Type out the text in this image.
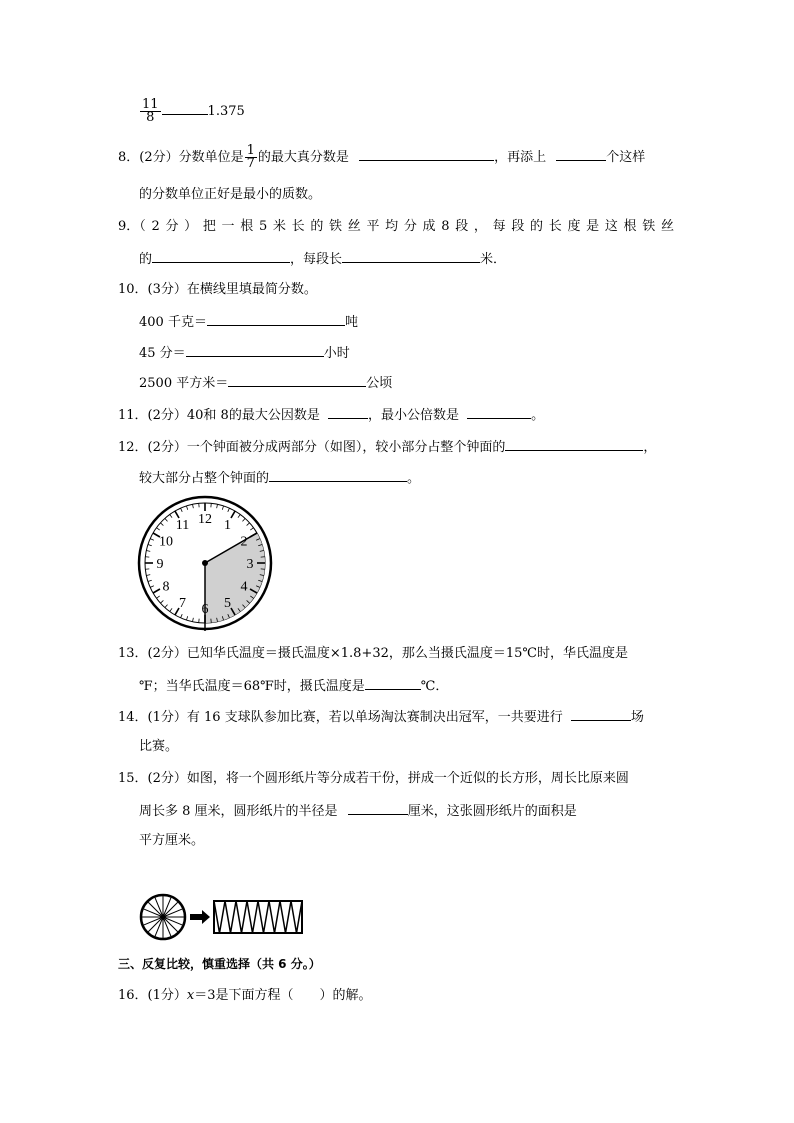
$\frac{11}{8}$	1.375
8．(2分）分数单位是 $\frac{1}{7}$ 的最大真分数是	，再添上	个这样
的分数单位正好是最小的质数。
9．（ 2 分 ） 把 一 根 5 米 长 的 铁 丝 平 均 分 成 8 段 ， 每 段 的 长 度 是 这 根 铁 丝
的	，每段长	米．
10．(3分）在横线里填最简分数。
400 千克＝	吨
45 分＝	小时
2500 平方米＝	公顷
11．(2分）40和 8的最大公因数是	，最小公倍数是	。
12．(2分）一个钟面被分成两部分（如图），较小部分占整个钟面的	，
较大部分占整个钟面的	。
12 1
2
3
4
5
6
7
8
9
10
11
13．(2分）已知华氏温度＝摄氏温度×1.8+32，那么当摄氏温度＝15℃时，华氏温度是
℉；当华氏温度＝68℉时，摄氏温度是	℃．
14．(1分）有 16 支球队参加比赛，若以单场淘汰赛制决出冠军，一共要进行	场
比赛。
15．(2分）如图，将一个圆形纸片等分成若干份，拼成一个近似的长方形，周长比原来圆
周长多 8 厘米，圆形纸片的半径是	厘米，这张圆形纸片的面积是
平方厘米。
三、反复比较，慎重选择（共 6 分。）
16．(1分）x＝3是下面方程（　　）的解。
